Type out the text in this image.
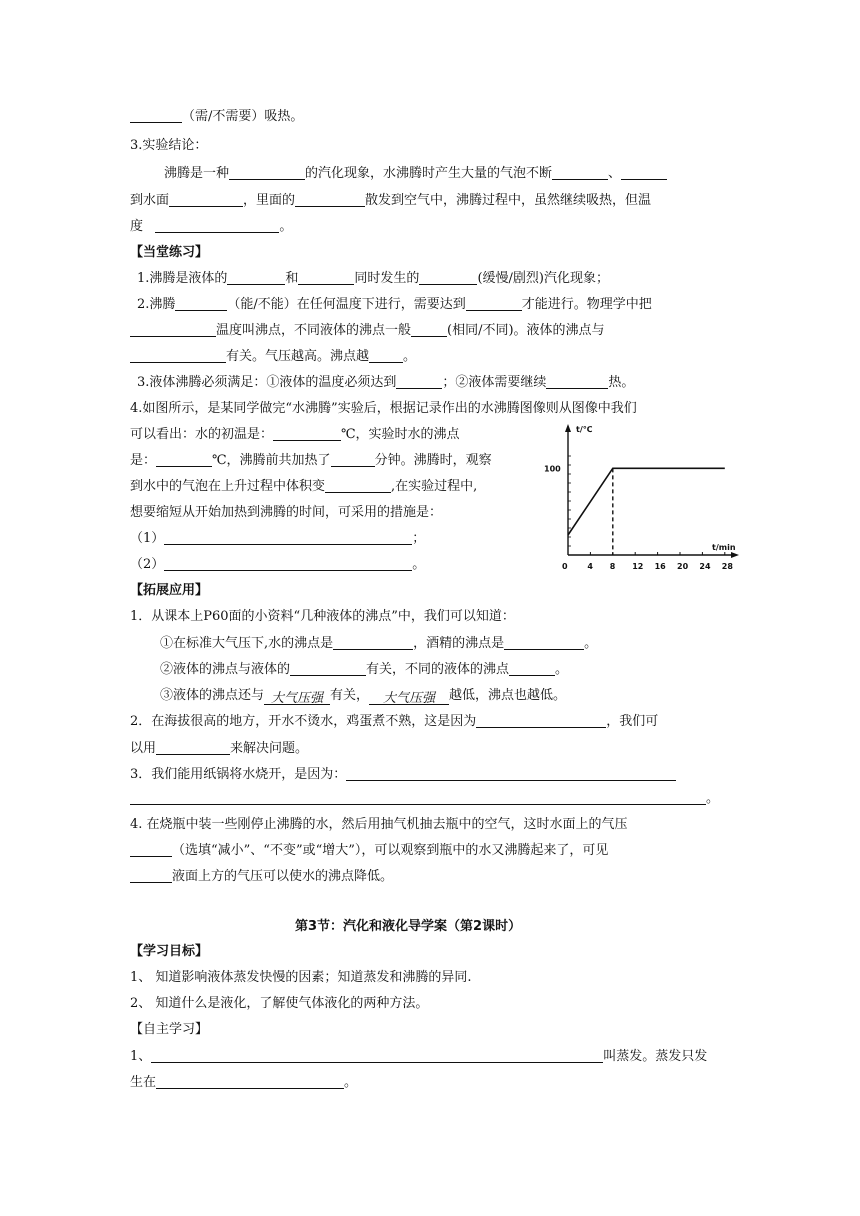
（需/不需要）吸热。
3.实验结论：
沸腾是一种	的汽化现象，水沸腾时产生大量的气泡不断	、
到水面	，里面的	散发到空气中，沸腾过程中，虽然继续吸热，但温
度	。
【当堂练习】
1.沸腾是液体的	和	同时发生的	(缓慢/剧烈)汽化现象；
2.沸腾	（能/不能）在任何温度下进行，需要达到	才能进行。物理学中把
温度叫沸点，不同液体的沸点一般	(相同/不同)。液体的沸点与
有关。气压越高。沸点越	。
3.液体沸腾必须满足：①液体的温度必须达到	；②液体需要继续	热。
4.如图所示，是某同学做完“水沸腾”实验后，根据记录作出的水沸腾图像则从图像中我们
可以看出：水的初温是：	℃，实验时水的沸点
是：	℃，沸腾前共加热了	分钟。沸腾时，观察
到水中的气泡在上升过程中体积变	,在实验过程中,
想要缩短从开始加热到沸腾的时间，可采用的措施是：
（1）	；
（2）	。
t/℃
t/min
0 4 8 12 16 20 24 28
100
【拓展应用】
1．从课本上P60面的小资料“几种液体的沸点”中，我们可以知道：
①在标准大气压下,水的沸点是	，酒精的沸点是	。
②液体的沸点与液体的	有关，不同的液体的沸点	。
③液体的沸点还与 大气压强 有关， 大气压强 越低，沸点也越低。
2．在海拔很高的地方，开水不烫水，鸡蛋煮不熟，这是因为	，我们可
以用	来解决问题。
3．我们能用纸锅将水烧开，是因为：
。
4. 在烧瓶中装一些刚停止沸腾的水，然后用抽气机抽去瓶中的空气，这时水面上的气压
（选填“减小”、“不变”或“增大”），可以观察到瓶中的水又沸腾起来了，可见
液面上方的气压可以使水的沸点降低。
第3节：汽化和液化导学案（第2课时）
【学习目标】
1、 知道影响液体蒸发快慢的因素；知道蒸发和沸腾的异同.
2、 知道什么是液化，了解使气体液化的两种方法。
【自主学习】
1、	叫蒸发。蒸发只发
生在	。
